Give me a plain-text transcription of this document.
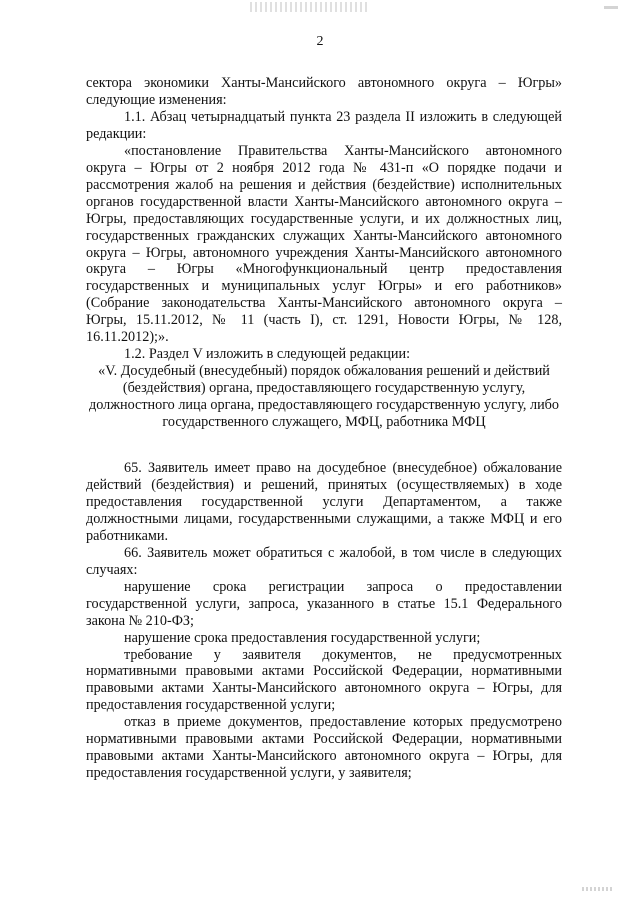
2

сектора экономики Ханты-Мансийского автономного округа – Югры» следующие изменения:

1.1. Абзац четырнадцатый пункта 23 раздела II изложить в следующей редакции:

«постановление Правительства Ханты-Мансийского автономного округа – Югры от 2 ноября 2012 года № 431-п «О порядке подачи и рассмотрения жалоб на решения и действия (бездействие) исполнительных органов государственной власти Ханты-Мансийского автономного округа – Югры, предоставляющих государственные услуги, и их должностных лиц, государственных гражданских служащих Ханты-Мансийского автономного округа – Югры, автономного учреждения Ханты-Мансийского автономного округа – Югры «Многофункциональный центр предоставления государственных и муниципальных услуг Югры» и его работников» (Собрание законодательства Ханты-Мансийского автономного округа – Югры, 15.11.2012, № 11 (часть I), ст. 1291, Новости Югры, № 128, 16.11.2012);».

1.2. Раздел V изложить в следующей редакции:

«V. Досудебный (внесудебный) порядок обжалования решений и действий (бездействия) органа, предоставляющего государственную услугу, должностного лица органа, предоставляющего государственную услугу, либо государственного служащего, МФЦ, работника МФЦ

65. Заявитель имеет право на досудебное (внесудебное) обжалование действий (бездействия) и решений, принятых (осуществляемых) в ходе предоставления государственной услуги Департаментом, а также должностными лицами, государственными служащими, а также МФЦ и его работниками.

66. Заявитель может обратиться с жалобой, в том числе в следующих случаях:

нарушение срока регистрации запроса о предоставлении государственной услуги, запроса, указанного в статье 15.1 Федерального закона № 210-ФЗ;

нарушение срока предоставления государственной услуги;

требование у заявителя документов, не предусмотренных нормативными правовыми актами Российской Федерации, нормативными правовыми актами Ханты-Мансийского автономного округа – Югры, для предоставления государственной услуги;

отказ в приеме документов, предоставление которых предусмотрено нормативными правовыми актами Российской Федерации, нормативными правовыми актами Ханты-Мансийского автономного округа – Югры, для предоставления государственной услуги, у заявителя;
